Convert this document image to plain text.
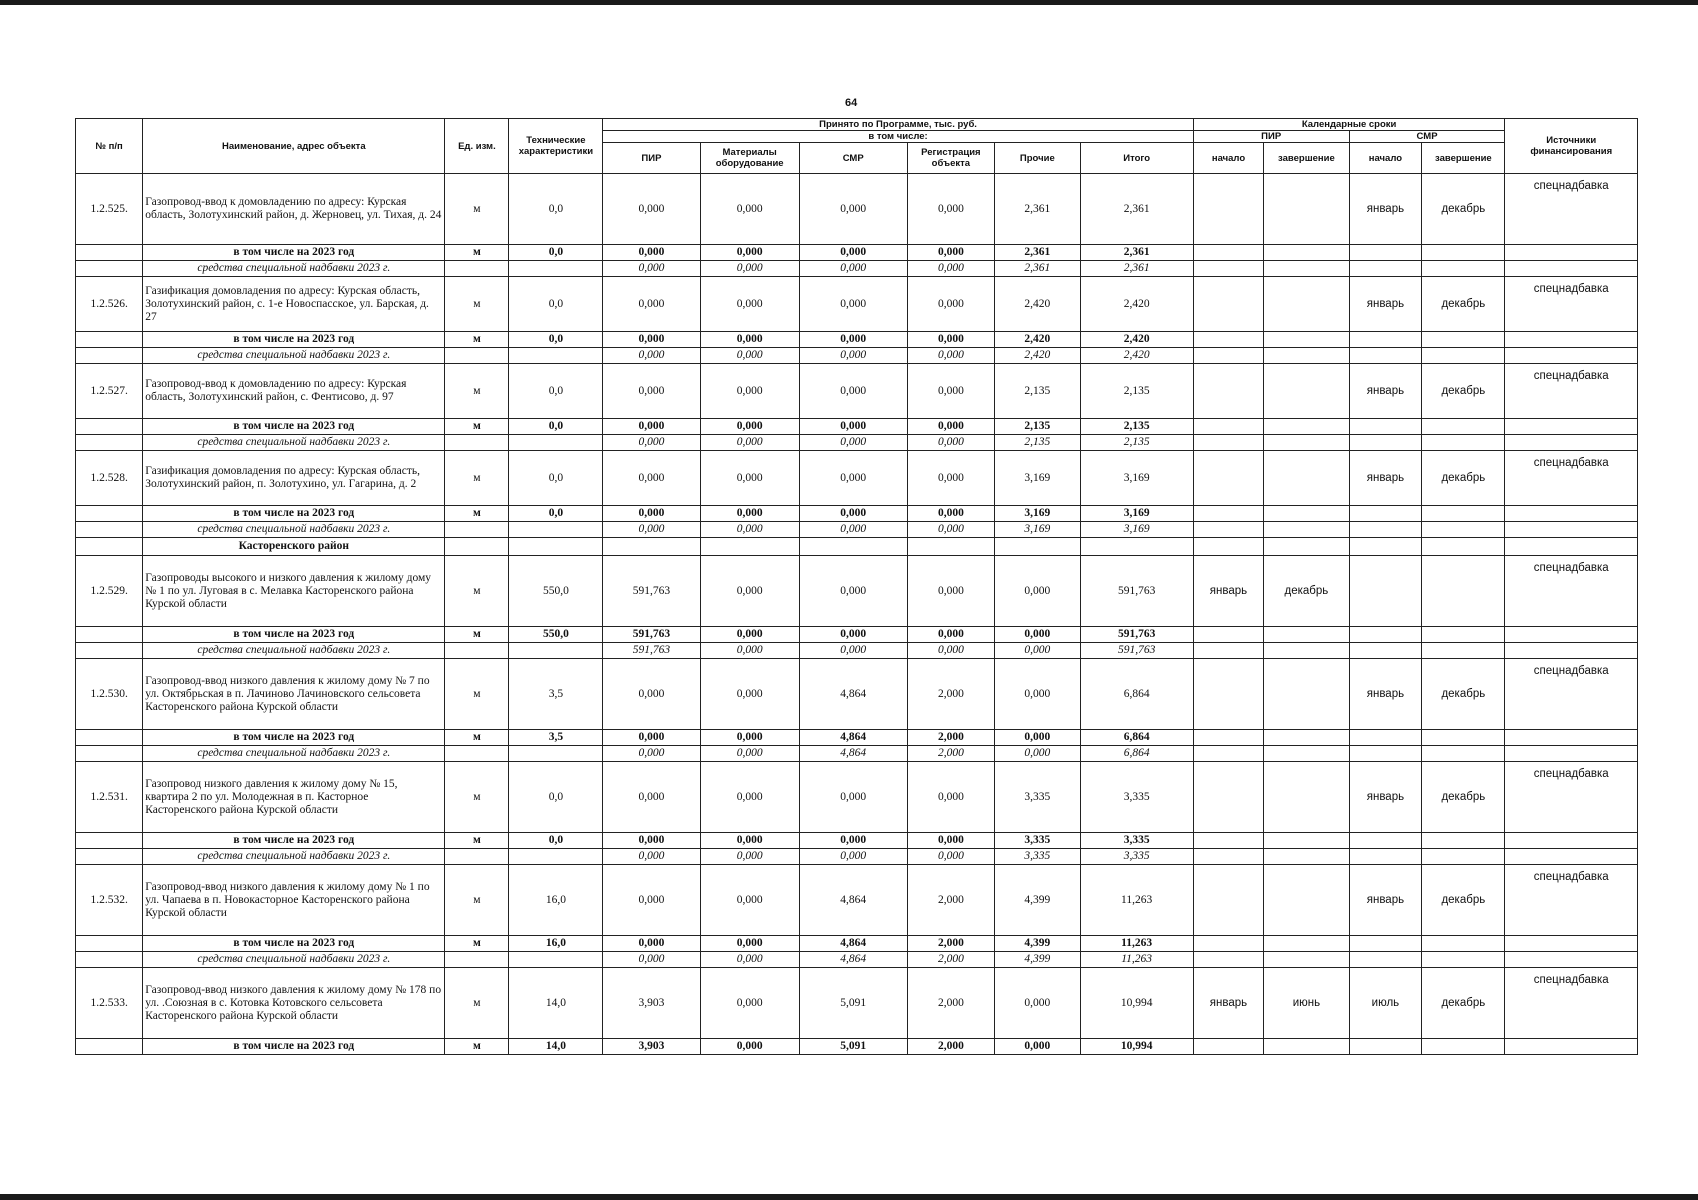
64
№ п/п	Наименование, адрес объекта	Ед. изм.	Технические характеристики	Принято по Программе, тыс. руб.						Календарные сроки				Источники финансирования
				в том числе:						ПИР		СМР		
				ПИР	Материалы оборудование	СМР	Регистрация объекта	Прочие	Итого	начало	завершение	начало	завершение	
1.2.525.	Газопровод-ввод к домовладению по адресу: Курская область, Золотухинский район, д. Жерновец, ул. Тихая, д. 24	м	0,0	0,000	0,000	0,000	0,000	2,361	2,361			январь	декабрь	спецнадбавка
	в том числе на 2023 год	м	0,0	0,000	0,000	0,000	0,000	2,361	2,361					
	средства специальной надбавки 2023 г.			0,000	0,000	0,000	0,000	2,361	2,361					
1.2.526.	Газификация домовладения по адресу: Курская область, Золотухинский район, с. 1-е Новоспасское, ул. Барская, д. 27	м	0,0	0,000	0,000	0,000	0,000	2,420	2,420			январь	декабрь	спецнадбавка
	в том числе на 2023 год	м	0,0	0,000	0,000	0,000	0,000	2,420	2,420					
	средства специальной надбавки 2023 г.			0,000	0,000	0,000	0,000	2,420	2,420					
1.2.527.	Газопровод-ввод к домовладению по адресу: Курская область, Золотухинский район, с. Фентисово, д. 97	м	0,0	0,000	0,000	0,000	0,000	2,135	2,135			январь	декабрь	спецнадбавка
	в том числе на 2023 год	м	0,0	0,000	0,000	0,000	0,000	2,135	2,135					
	средства специальной надбавки 2023 г.			0,000	0,000	0,000	0,000	2,135	2,135					
1.2.528.	Газификация домовладения по адресу: Курская область, Золотухинский район, п. Золотухино, ул. Гагарина, д. 2	м	0,0	0,000	0,000	0,000	0,000	3,169	3,169			январь	декабрь	спецнадбавка
	в том числе на 2023 год	м	0,0	0,000	0,000	0,000	0,000	3,169	3,169					
	средства специальной надбавки 2023 г.			0,000	0,000	0,000	0,000	3,169	3,169					
	Касторенского район													
1.2.529.	Газопроводы высокого и низкого давления к жилому дому № 1 по ул. Луговая в с. Мелавка Касторенского района Курской области	м	550,0	591,763	0,000	0,000	0,000	0,000	591,763	январь	декабрь			спецнадбавка
	в том числе на 2023 год	м	550,0	591,763	0,000	0,000	0,000	0,000	591,763					
	средства специальной надбавки 2023 г.			591,763	0,000	0,000	0,000	0,000	591,763					
1.2.530.	Газопровод-ввод низкого давления к жилому дому № 7 по ул. Октябрьская в п. Лачиново Лачиновского сельсовета Касторенского района Курской области	м	3,5	0,000	0,000	4,864	2,000	0,000	6,864			январь	декабрь	спецнадбавка
	в том числе на 2023 год	м	3,5	0,000	0,000	4,864	2,000	0,000	6,864					
	средства специальной надбавки 2023 г.			0,000	0,000	4,864	2,000	0,000	6,864					
1.2.531.	Газопровод низкого давления к жилому дому № 15, квартира 2 по ул. Молодежная в п. Касторное Касторенского района Курской области	м	0,0	0,000	0,000	0,000	0,000	3,335	3,335			январь	декабрь	спецнадбавка
	в том числе на 2023 год	м	0,0	0,000	0,000	0,000	0,000	3,335	3,335					
	средства специальной надбавки 2023 г.			0,000	0,000	0,000	0,000	3,335	3,335					
1.2.532.	Газопровод-ввод низкого давления к жилому дому № 1 по ул. Чапаева в п. Новокасторное Касторенского района Курской области	м	16,0	0,000	0,000	4,864	2,000	4,399	11,263			январь	декабрь	спецнадбавка
	в том числе на 2023 год	м	16,0	0,000	0,000	4,864	2,000	4,399	11,263					
	средства специальной надбавки 2023 г.			0,000	0,000	4,864	2,000	4,399	11,263					
1.2.533.	Газопровод-ввод низкого давления к жилому дому № 178 по ул. .Союзная в с. Котовка Котовского сельсовета Касторенского района Курской области	м	14,0	3,903	0,000	5,091	2,000	0,000	10,994	январь	июнь	июль	декабрь	спецнадбавка
	в том числе на 2023 год	м	14,0	3,903	0,000	5,091	2,000	0,000	10,994					
